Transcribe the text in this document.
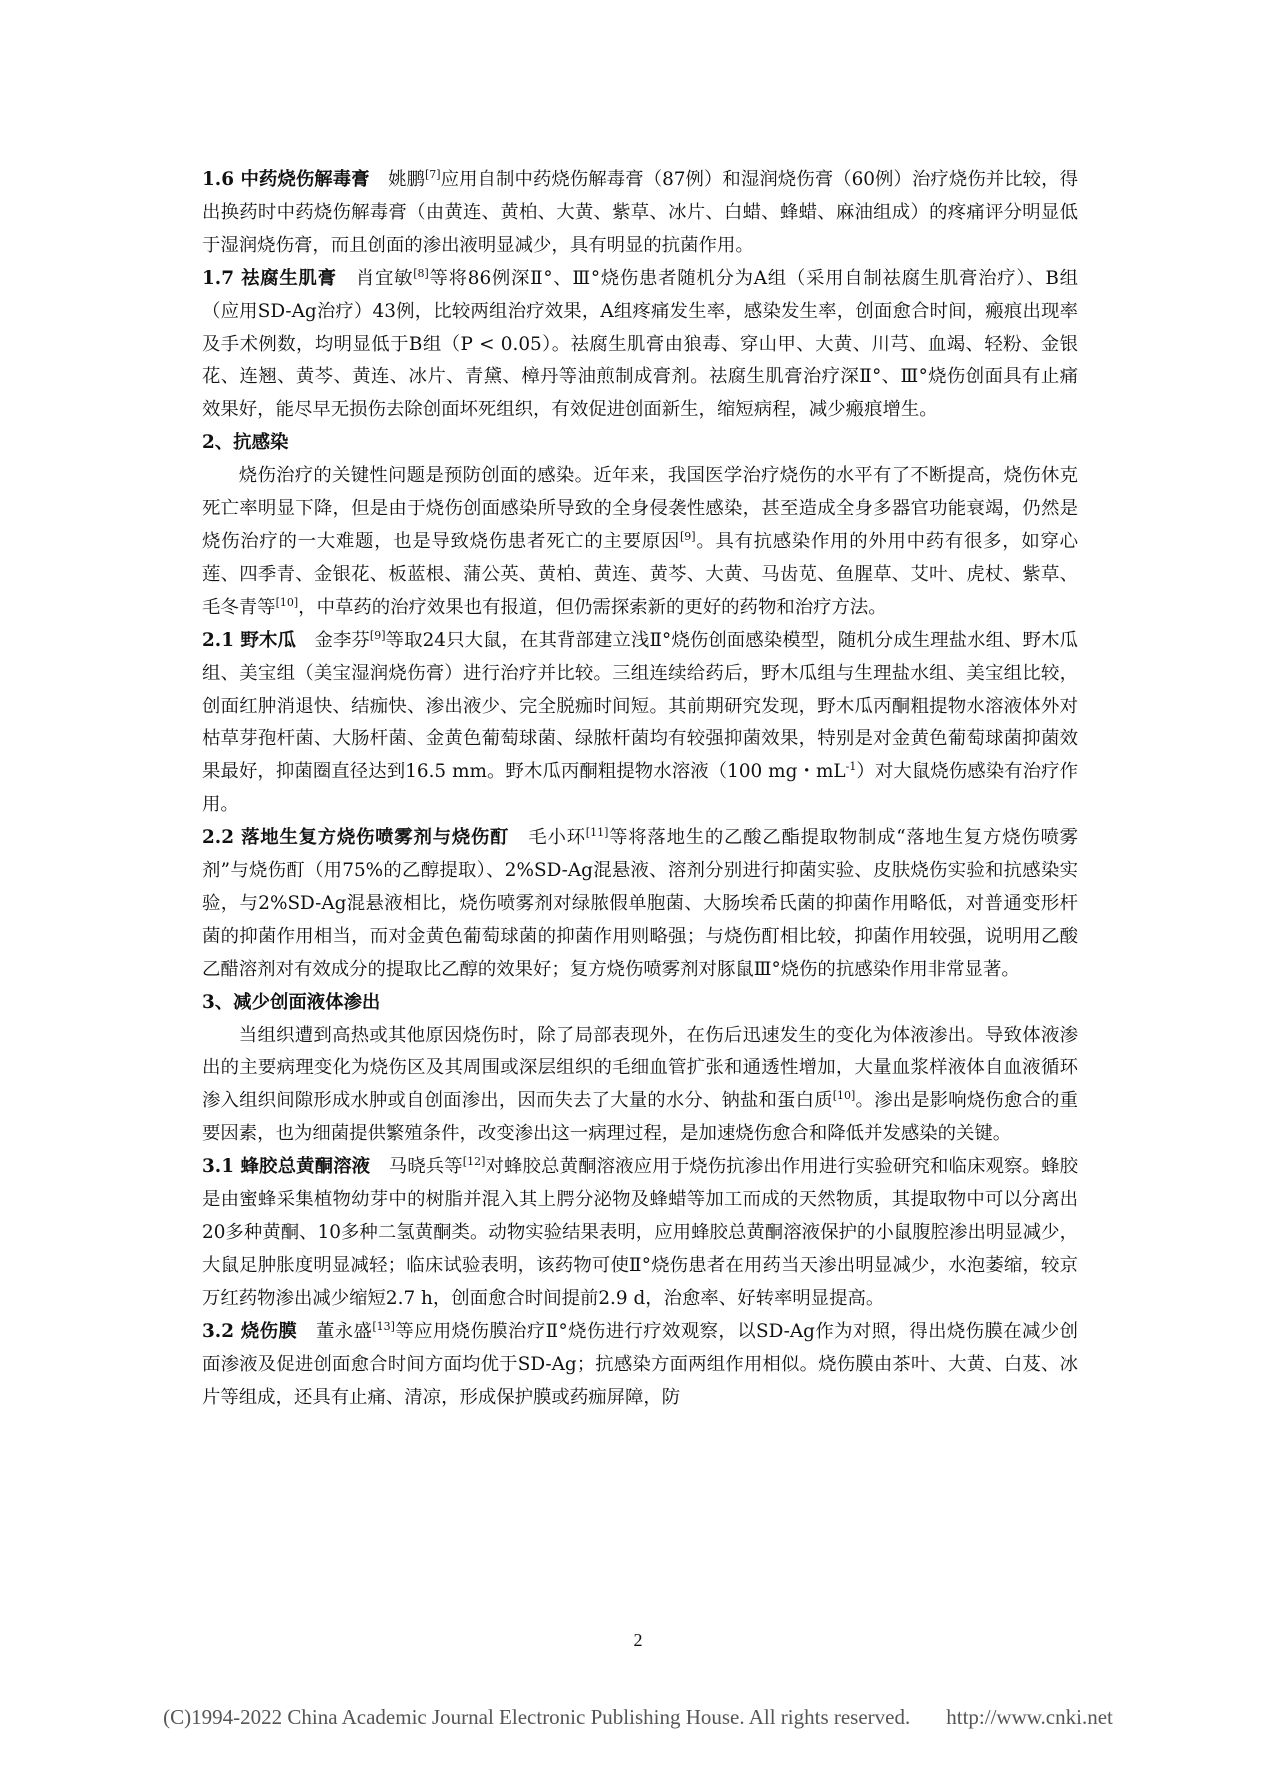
1.6 中药烧伤解毒膏　姚鹏[7]应用自制中药烧伤解毒膏（87例）和湿润烧伤膏（60例）治疗烧伤并比较，得出换药时中药烧伤解毒膏（由黄连、黄柏、大黄、紫草、冰片、白蜡、蜂蜡、麻油组成）的疼痛评分明显低于湿润烧伤膏，而且创面的渗出液明显减少，具有明显的抗菌作用。

1.7 祛腐生肌膏　肖宜敏[8]等将86例深Ⅱ°、Ⅲ°烧伤患者随机分为A组（采用自制祛腐生肌膏治疗）、B组（应用SD-Ag治疗）43例，比较两组治疗效果，A组疼痛发生率，感染发生率，创面愈合时间，瘢痕出现率及手术例数，均明显低于B组（P < 0.05）。祛腐生肌膏由狼毒、穿山甲、大黄、川芎、血竭、轻粉、金银花、连翘、黄芩、黄连、冰片、青黛、樟丹等油煎制成膏剂。祛腐生肌膏治疗深Ⅱ°、Ⅲ°烧伤创面具有止痛效果好，能尽早无损伤去除创面坏死组织，有效促进创面新生，缩短病程，减少瘢痕增生。

2、抗感染

烧伤治疗的关键性问题是预防创面的感染。近年来，我国医学治疗烧伤的水平有了不断提高，烧伤休克死亡率明显下降，但是由于烧伤创面感染所导致的全身侵袭性感染，甚至造成全身多器官功能衰竭，仍然是烧伤治疗的一大难题，也是导致烧伤患者死亡的主要原因[9]。具有抗感染作用的外用中药有很多，如穿心莲、四季青、金银花、板蓝根、蒲公英、黄柏、黄连、黄芩、大黄、马齿苋、鱼腥草、艾叶、虎杖、紫草、毛冬青等[10]，中草药的治疗效果也有报道，但仍需探索新的更好的药物和治疗方法。

2.1 野木瓜　金李芬[9]等取24只大鼠，在其背部建立浅Ⅱ°烧伤创面感染模型，随机分成生理盐水组、野木瓜组、美宝组（美宝湿润烧伤膏）进行治疗并比较。三组连续给药后，野木瓜组与生理盐水组、美宝组比较，创面红肿消退快、结痂快、渗出液少、完全脱痂时间短。其前期研究发现，野木瓜丙酮粗提物水溶液体外对枯草芽孢杆菌、大肠杆菌、金黄色葡萄球菌、绿脓杆菌均有较强抑菌效果，特别是对金黄色葡萄球菌抑菌效果最好，抑菌圈直径达到16.5 mm。野木瓜丙酮粗提物水溶液（100 mg・$mL^{-1}$）对大鼠烧伤感染有治疗作用。

2.2 落地生复方烧伤喷雾剂与烧伤酊　毛小环[11]等将落地生的乙酸乙酯提取物制成“落地生复方烧伤喷雾剂”与烧伤酊（用75%的乙醇提取）、2%SD-Ag混悬液、溶剂分别进行抑菌实验、皮肤烧伤实验和抗感染实验，与2%SD-Ag混悬液相比，烧伤喷雾剂对绿脓假单胞菌、大肠埃希氏菌的抑菌作用略低，对普通变形杆菌的抑菌作用相当，而对金黄色葡萄球菌的抑菌作用则略强；与烧伤酊相比较，抑菌作用较强，说明用乙酸乙醋溶剂对有效成分的提取比乙醇的效果好；复方烧伤喷雾剂对豚鼠Ⅲ°烧伤的抗感染作用非常显著。

3、减少创面液体渗出

当组织遭到高热或其他原因烧伤时，除了局部表现外，在伤后迅速发生的变化为体液渗出。导致体液渗出的主要病理变化为烧伤区及其周围或深层组织的毛细血管扩张和通透性增加，大量血浆样液体自血液循环渗入组织间隙形成水肿或自创面渗出，因而失去了大量的水分、钠盐和蛋白质[10]。渗出是影响烧伤愈合的重要因素，也为细菌提供繁殖条件，改变渗出这一病理过程，是加速烧伤愈合和降低并发感染的关键。

3.1 蜂胶总黄酮溶液　马晓兵等[12]对蜂胶总黄酮溶液应用于烧伤抗渗出作用进行实验研究和临床观察。蜂胶是由蜜蜂采集植物幼芽中的树脂并混入其上腭分泌物及蜂蜡等加工而成的天然物质，其提取物中可以分离出20多种黄酮、10多种二氢黄酮类。动物实验结果表明，应用蜂胶总黄酮溶液保护的小鼠腹腔渗出明显减少，大鼠足肿胀度明显减轻；临床试验表明，该药物可使Ⅱ°烧伤患者在用药当天渗出明显减少，水泡萎缩，较京万红药物渗出减少缩短2.7 h，创面愈合时间提前2.9 d，治愈率、好转率明显提高。

3.2 烧伤膜　董永盛[13]等应用烧伤膜治疗Ⅱ°烧伤进行疗效观察，以SD-Ag作为对照，得出烧伤膜在减少创面渗液及促进创面愈合时间方面均优于SD-Ag；抗感染方面两组作用相似。烧伤膜由茶叶、大黄、白芨、冰片等组成，还具有止痛、清凉，形成保护膜或药痂屏障，防

2
(C)1994-2022 China Academic Journal Electronic Publishing House. All rights reserved. http://www.cnki.net
